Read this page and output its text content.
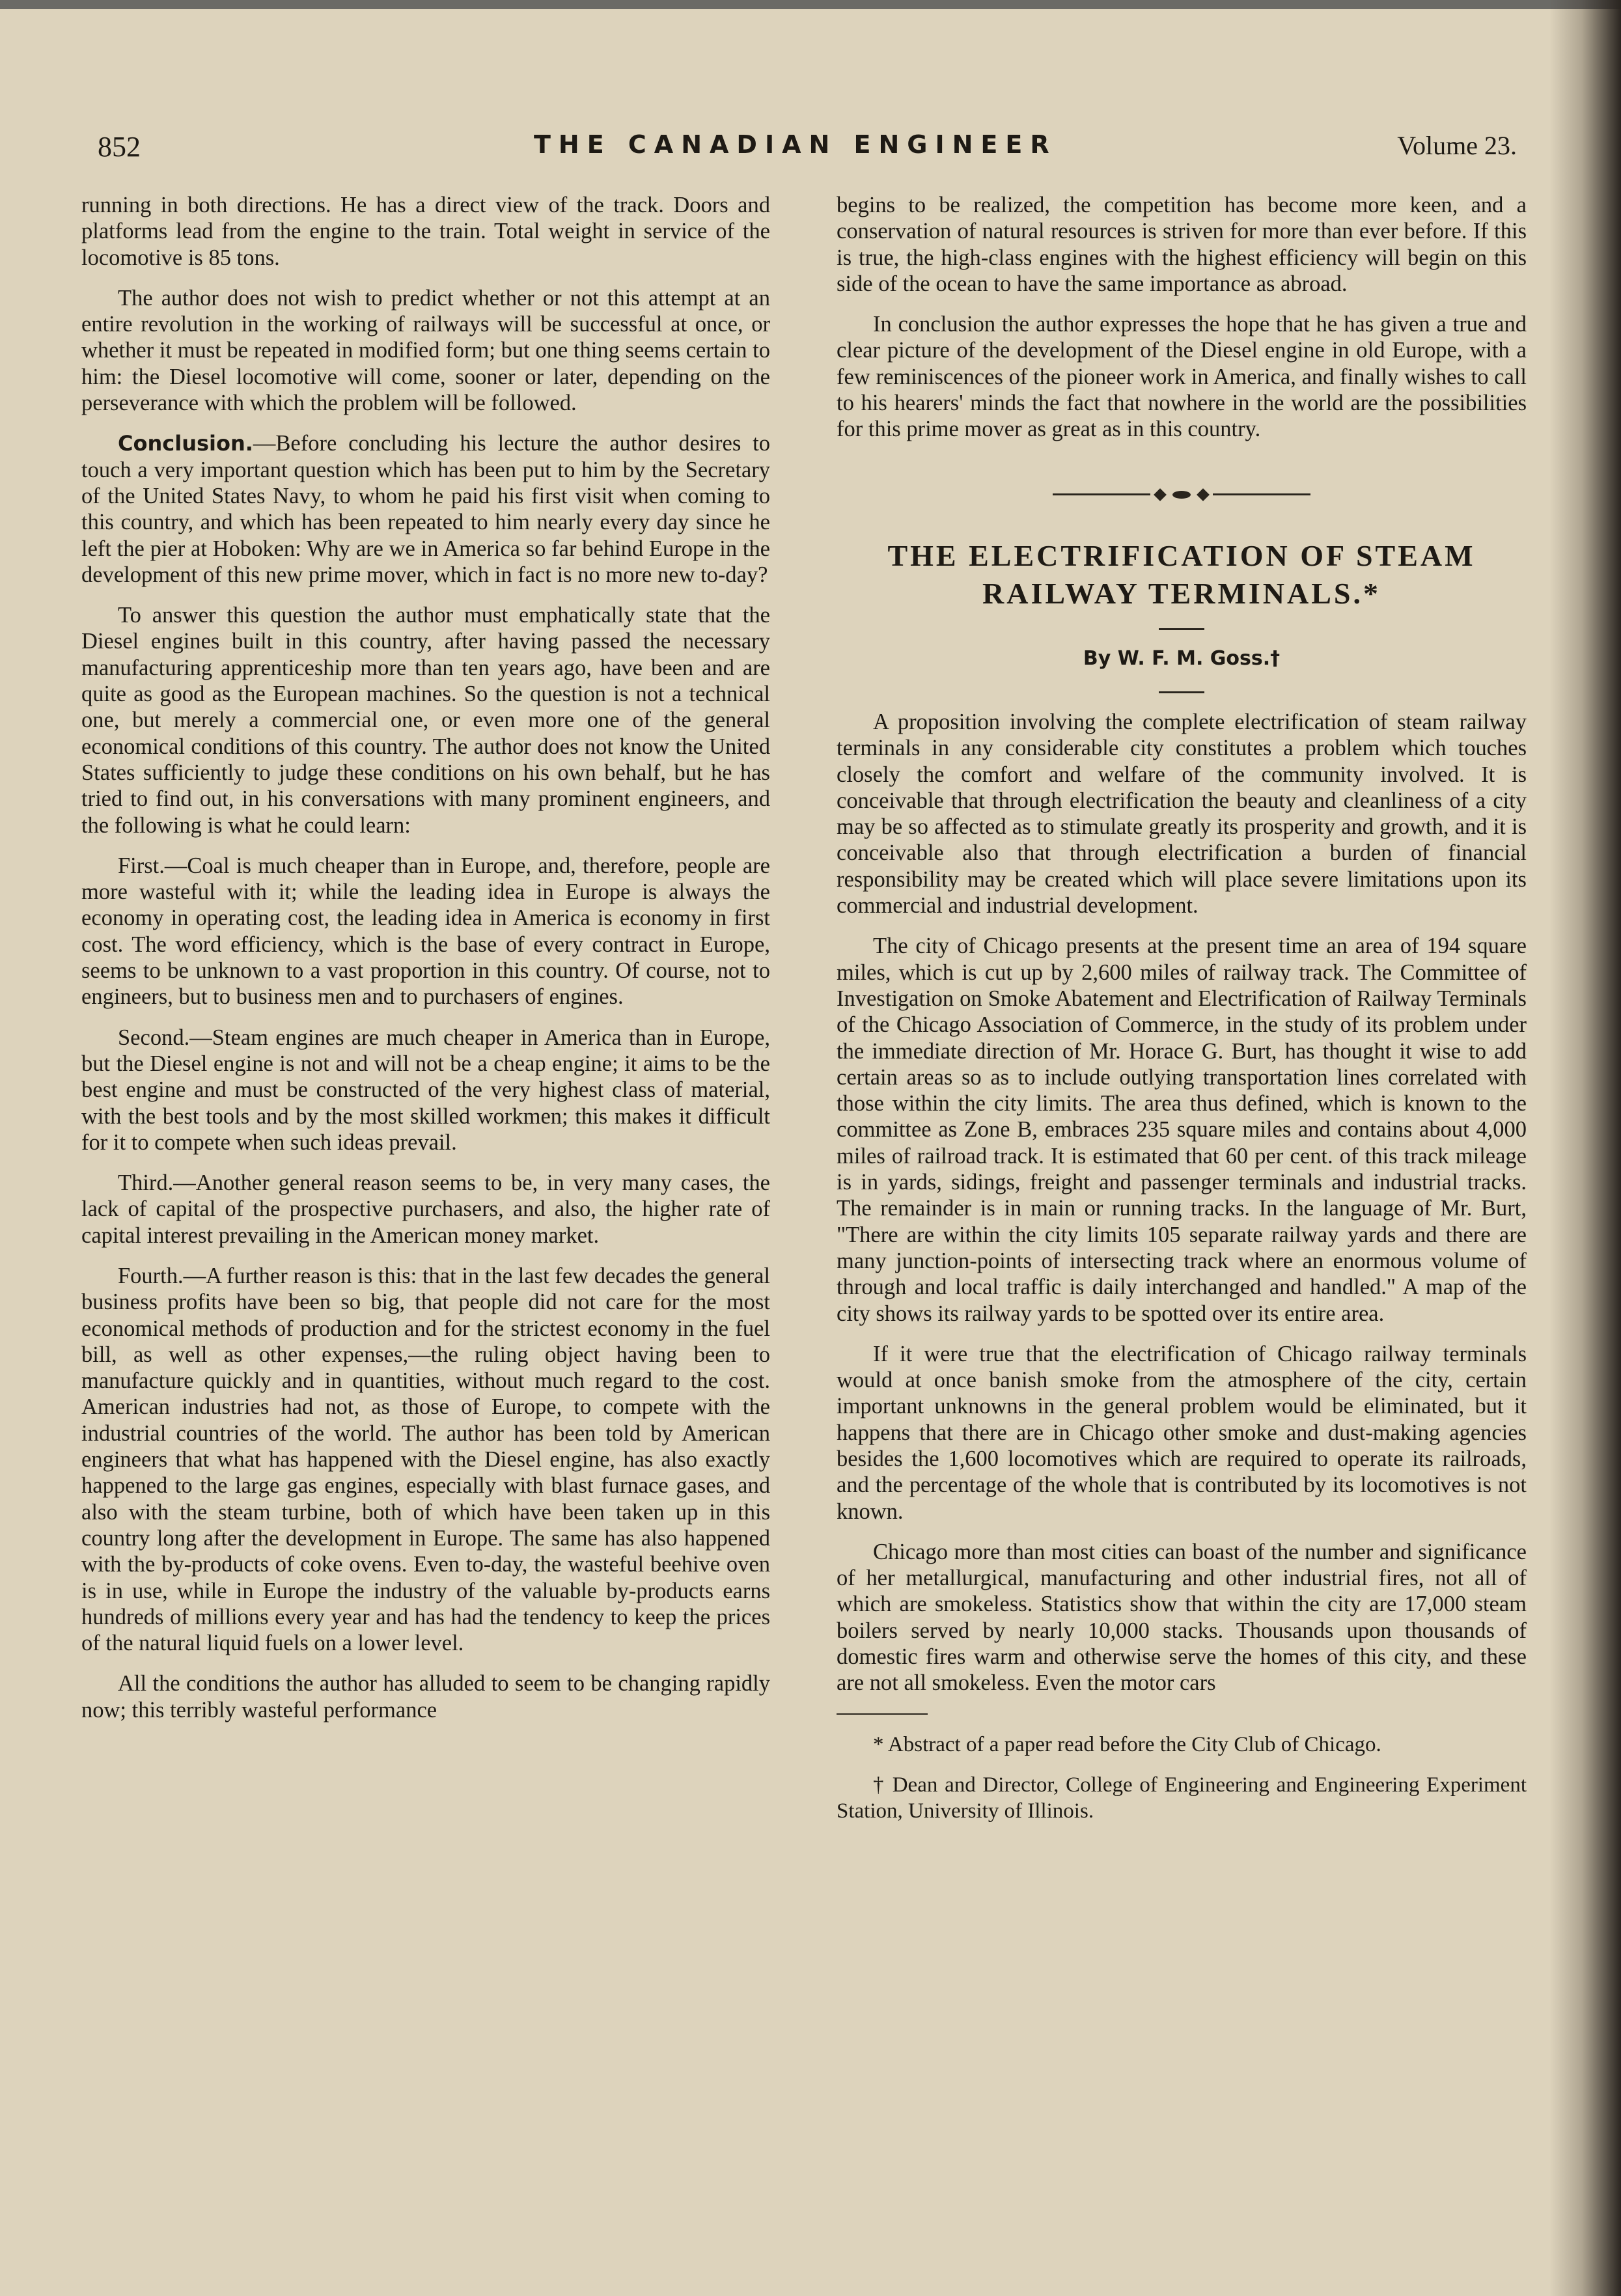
852	THE CANADIAN ENGINEER	Volume 23.

running in both directions. He has a direct view of the track. Doors and platforms lead from the engine to the train. Total weight in service of the locomotive is 85 tons.

The author does not wish to predict whether or not this attempt at an entire revolution in the working of railways will be successful at once, or whether it must be repeated in modified form; but one thing seems certain to him: the Diesel locomotive will come, sooner or later, depending on the perseverance with which the problem will be followed.

Conclusion.—Before concluding his lecture the author desires to touch a very important question which has been put to him by the Secretary of the United States Navy, to whom he paid his first visit when coming to this country, and which has been repeated to him nearly every day since he left the pier at Hoboken: Why are we in America so far behind Europe in the development of this new prime mover, which in fact is no more new to-day?

To answer this question the author must emphatically state that the Diesel engines built in this country, after having passed the necessary manufacturing apprenticeship more than ten years ago, have been and are quite as good as the European machines. So the question is not a technical one, but merely a commercial one, or even more one of the general economical conditions of this country. The author does not know the United States sufficiently to judge these conditions on his own behalf, but he has tried to find out, in his conversations with many prominent engineers, and the following is what he could learn:

First.—Coal is much cheaper than in Europe, and, therefore, people are more wasteful with it; while the leading idea in Europe is always the economy in operating cost, the leading idea in America is economy in first cost. The word efficiency, which is the base of every contract in Europe, seems to be unknown to a vast proportion in this country. Of course, not to engineers, but to business men and to purchasers of engines.

Second.—Steam engines are much cheaper in America than in Europe, but the Diesel engine is not and will not be a cheap engine; it aims to be the best engine and must be constructed of the very highest class of material, with the best tools and by the most skilled workmen; this makes it difficult for it to compete when such ideas prevail.

Third.—Another general reason seems to be, in very many cases, the lack of capital of the prospective purchasers, and also, the higher rate of capital interest prevailing in the American money market.

Fourth.—A further reason is this: that in the last few decades the general business profits have been so big, that people did not care for the most economical methods of production and for the strictest economy in the fuel bill, as well as other expenses,—the ruling object having been to manufacture quickly and in quantities, without much regard to the cost. American industries had not, as those of Europe, to compete with the industrial countries of the world. The author has been told by American engineers that what has happened with the Diesel engine, has also exactly happened to the large gas engines, especially with blast furnace gases, and also with the steam turbine, both of which have been taken up in this country long after the development in Europe. The same has also happened with the by-products of coke ovens. Even to-day, the wasteful beehive oven is in use, while in Europe the industry of the valuable by-products earns hundreds of millions every year and has had the tendency to keep the prices of the natural liquid fuels on a lower level.

All the conditions the author has alluded to seem to be changing rapidly now; this terribly wasteful performance

begins to be realized, the competition has become more keen, and a conservation of natural resources is striven for more than ever before. If this is true, the high-class engines with the highest efficiency will begin on this side of the ocean to have the same importance as abroad.

In conclusion the author expresses the hope that he has given a true and clear picture of the development of the Diesel engine in old Europe, with a few reminiscences of the pioneer work in America, and finally wishes to call to his hearers' minds the fact that nowhere in the world are the possibilities for this prime mover as great as in this country.

THE ELECTRIFICATION OF STEAM
RAILWAY TERMINALS.*
By W. F. M. Goss.†

A proposition involving the complete electrification of steam railway terminals in any considerable city constitutes a problem which touches closely the comfort and welfare of the community involved. It is conceivable that through electrification the beauty and cleanliness of a city may be so affected as to stimulate greatly its prosperity and growth, and it is conceivable also that through electrification a burden of financial responsibility may be created which will place severe limitations upon its commercial and industrial development.

The city of Chicago presents at the present time an area of 194 square miles, which is cut up by 2,600 miles of railway track. The Committee of Investigation on Smoke Abatement and Electrification of Railway Terminals of the Chicago Association of Commerce, in the study of its problem under the immediate direction of Mr. Horace G. Burt, has thought it wise to add certain areas so as to include outlying transportation lines correlated with those within the city limits. The area thus defined, which is known to the committee as Zone B, embraces 235 square miles and contains about 4,000 miles of railroad track. It is estimated that 60 per cent. of this track mileage is in yards, sidings, freight and passenger terminals and industrial tracks. The remainder is in main or running tracks. In the language of Mr. Burt, "There are within the city limits 105 separate railway yards and there are many junction-points of intersecting track where an enormous volume of through and local traffic is daily interchanged and handled." A map of the city shows its railway yards to be spotted over its entire area.

If it were true that the electrification of Chicago railway terminals would at once banish smoke from the atmosphere of the city, certain important unknowns in the general problem would be eliminated, but it happens that there are in Chicago other smoke and dust-making agencies besides the 1,600 locomotives which are required to operate its railroads, and the percentage of the whole that is contributed by its locomotives is not known.

Chicago more than most cities can boast of the number and significance of her metallurgical, manufacturing and other industrial fires, not all of which are smokeless. Statistics show that within the city are 17,000 steam boilers served by nearly 10,000 stacks. Thousands upon thousands of domestic fires warm and otherwise serve the homes of this city, and these are not all smokeless. Even the motor cars

* Abstract of a paper read before the City Club of Chicago.

† Dean and Director, College of Engineering and Engineering Experiment Station, University of Illinois.
